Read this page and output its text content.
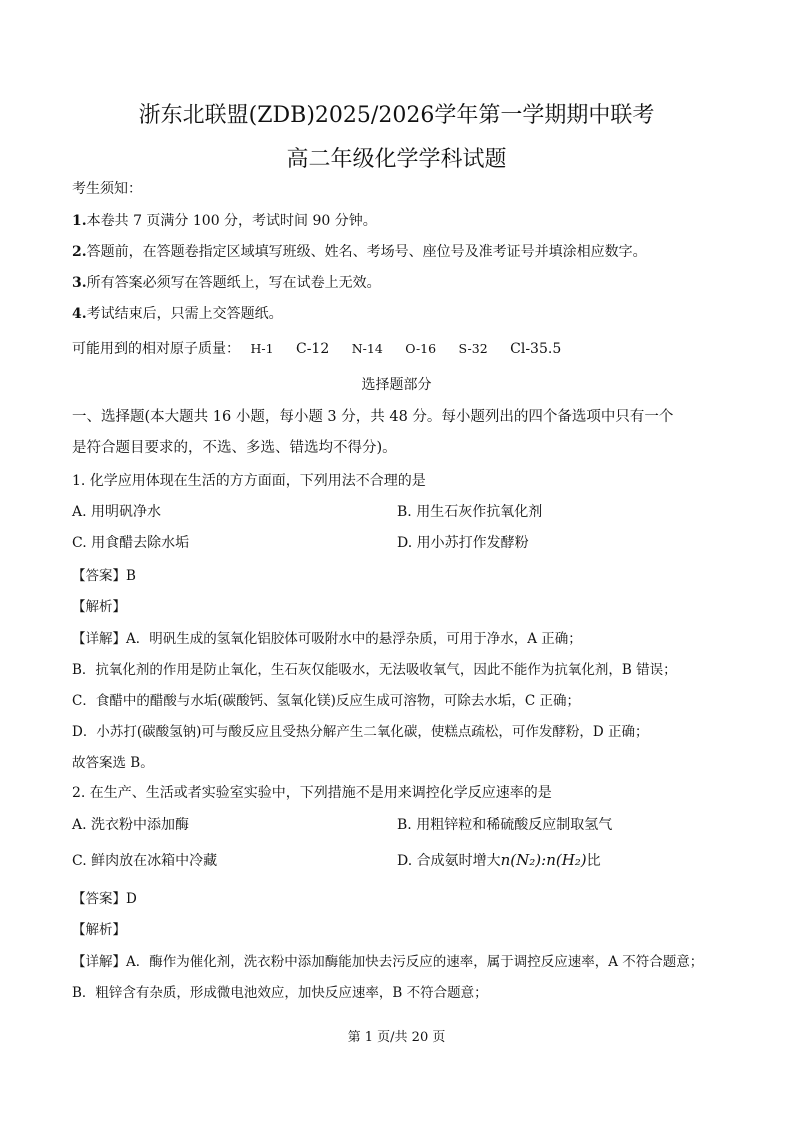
浙东北联盟(ZDB)2025/2026学年第一学期期中联考
高二年级化学学科试题
考生须知：
1.本卷共 7 页满分 100 分，考试时间 90 分钟。
2.答题前，在答题卷指定区域填写班级、姓名、考场号、座位号及准考证号并填涂相应数字。
3.所有答案必须写在答题纸上，写在试卷上无效。
4.考试结束后，只需上交答题纸。
可能用到的相对原子质量： H-1 C-12 N-14 O-16 S-32 Cl-35.5
选择题部分
一、选择题(本大题共 16 小题，每小题 3 分，共 48 分。每小题列出的四个备选项中只有一个
是符合题目要求的，不选、多选、错选均不得分)。
1. 化学应用体现在生活的方方面面，下列用法不合理的是
A. 用明矾净水	B. 用生石灰作抗氧化剂
C. 用食醋去除水垢	D. 用小苏打作发酵粉
【答案】B
【解析】
【详解】A．明矾生成的氢氧化铝胶体可吸附水中的悬浮杂质，可用于净水，A 正确；
B．抗氧化剂的作用是防止氧化，生石灰仅能吸水，无法吸收氧气，因此不能作为抗氧化剂，B 错误；
C．食醋中的醋酸与水垢(碳酸钙、氢氧化镁)反应生成可溶物，可除去水垢，C 正确；
D．小苏打(碳酸氢钠)可与酸反应且受热分解产生二氧化碳，使糕点疏松，可作发酵粉，D 正确；
故答案选 B。
2. 在生产、生活或者实验室实验中，下列措施不是用来调控化学反应速率的是
A. 洗衣粉中添加酶	B. 用粗锌粒和稀硫酸反应制取氢气
C. 鲜肉放在冰箱中冷藏	D. 合成氨时增大n(N₂):n(H₂)比
【答案】D
【解析】
【详解】A．酶作为催化剂，洗衣粉中添加酶能加快去污反应的速率，属于调控反应速率，A 不符合题意；
B．粗锌含有杂质，形成微电池效应，加快反应速率，B 不符合题意；
第 1 页/共 20 页
